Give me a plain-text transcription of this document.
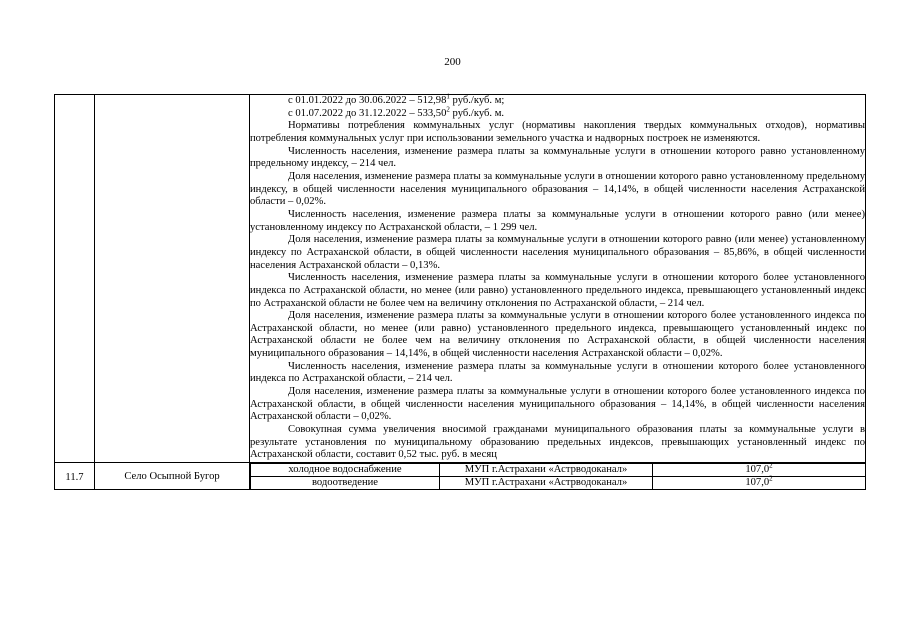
200

с 01.01.2022 до 30.06.2022 – 512,98$^1$ руб./куб. м;

с 01.07.2022 до 31.12.2022 – 533,50$^2$ руб./куб. м.

Нормативы потребления коммунальных услуг (нормативы накопления твердых коммунальных отходов), нормативы потребления коммунальных услуг при использовании земельного участка и надворных построек не изменяются.

Численность населения, изменение размера платы за коммунальные услуги в отношении которого равно установленному предельному индексу, – 214 чел.

Доля населения, изменение размера платы за коммунальные услуги в отношении которого равно установленному предельному индексу, в общей численности населения муниципального образования – 14,14%, в общей численности населения Астраханской области – 0,02%.

Численность населения, изменение размера платы за коммунальные услуги в отношении которого равно (или менее) установленному индексу по Астраханской области, – 1 299 чел.

Доля населения, изменение размера платы за коммунальные услуги в отношении которого равно (или менее) установленному индексу по Астраханской области, в общей численности населения муниципального образования – 85,86%, в общей численности населения Астраханской области – 0,13%.

Численность населения, изменение размера платы за коммунальные услуги в отношении которого более установленного индекса по Астраханской области, но менее (или равно) установленного предельного индекса, превышающего установленный индекс по Астраханской области не более чем на величину отклонения по Астраханской области, – 214 чел.

Доля населения, изменение размера платы за коммунальные услуги в отношении которого более установленного индекса по Астраханской области, но менее (или равно) установленного предельного индекса, превышающего установленный индекс по Астраханской области не более чем на величину отклонения по Астраханской области, в общей численности населения муниципального образования – 14,14%, в общей численности населения Астраханской области – 0,02%.

Численность населения, изменение размера платы за коммунальные услуги в отношении которого более установленного индекса по Астраханской области, – 214 чел.

Доля населения, изменение размера платы за коммунальные услуги в отношении которого более установленного индекса по Астраханской области, в общей численности населения муниципального образования – 14,14%, в общей численности населения Астраханской области – 0,02%.

Совокупная сумма увеличения вносимой гражданами муниципального образования платы за коммунальные услуги в результате установления по муниципальному образованию предельных индексов, превышающих установленный индекс по Астраханской области, составит 0,52 тыс. руб. в месяц

11.7	Село Осыпной Бугор	
холодное водоснабжение	МУП г.Астрахани «Астрводоканал»	107,0$^2$
водоотведение	МУП г.Астрахани «Астрводоканал»	107,0$^2$
